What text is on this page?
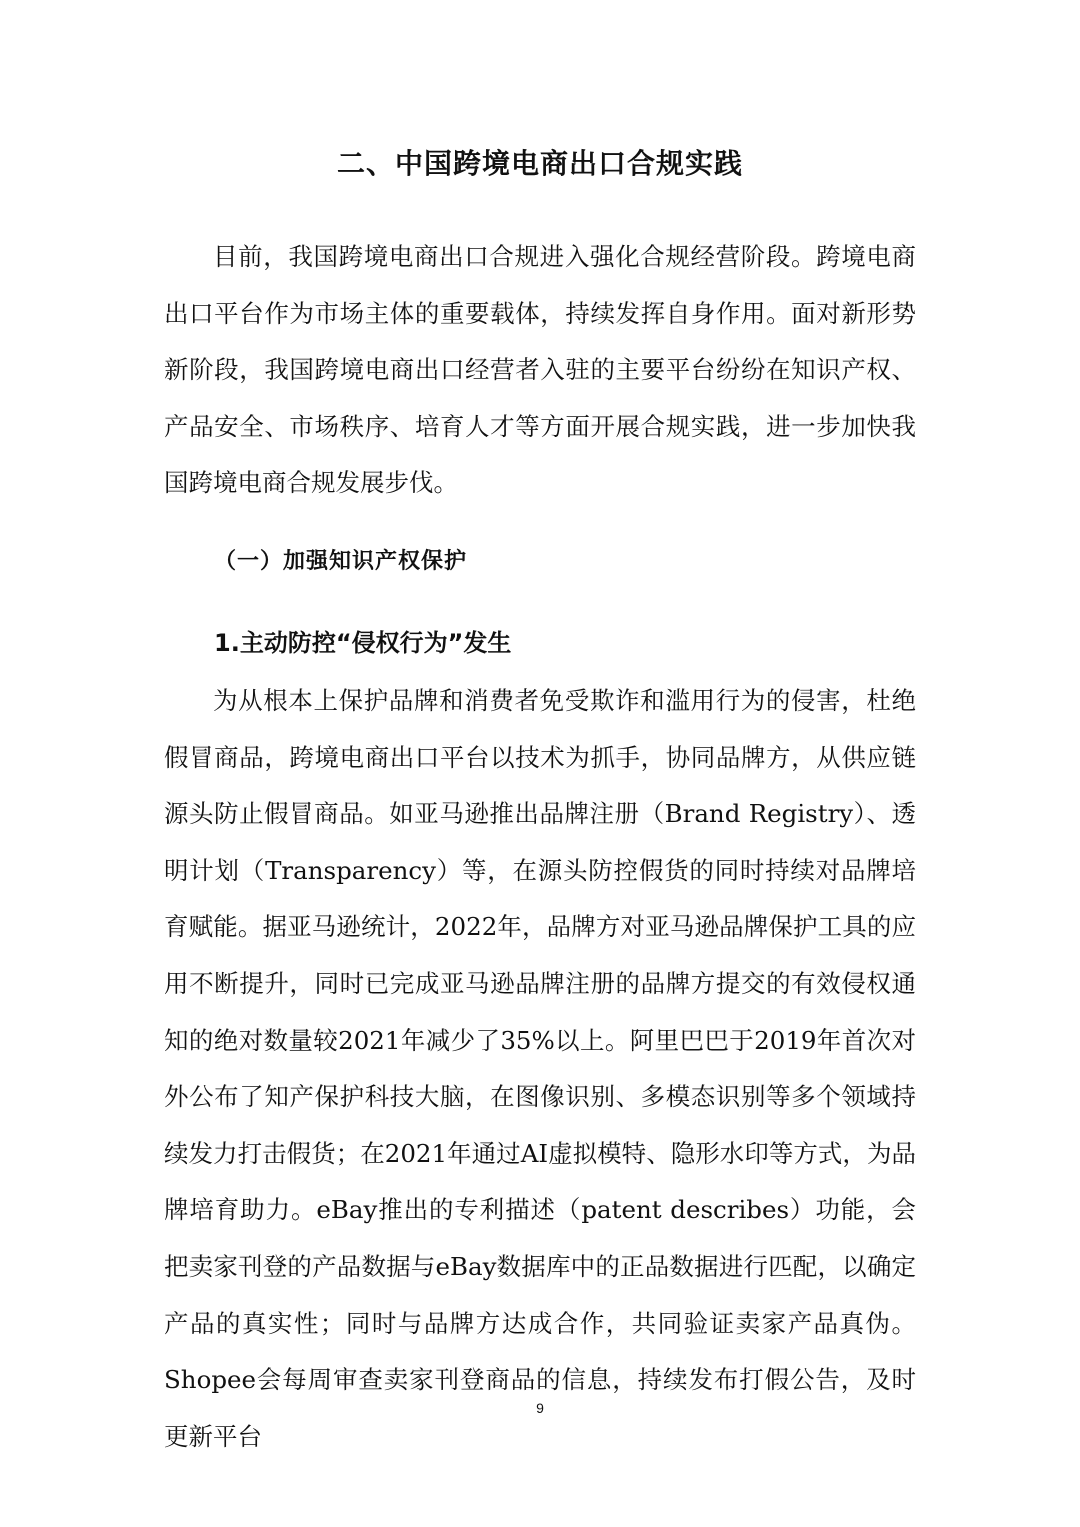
二、中国跨境电商出口合规实践

目前，我国跨境电商出口合规进入强化合规经营阶段。跨境电商出口平台作为市场主体的重要载体，持续发挥自身作用。面对新形势新阶段，我国跨境电商出口经营者入驻的主要平台纷纷在知识产权、产品安全、市场秩序、培育人才等方面开展合规实践，进一步加快我国跨境电商合规发展步伐。

（一）加强知识产权保护
1.主动防控“侵权行为”发生

为从根本上保护品牌和消费者免受欺诈和滥用行为的侵害，杜绝假冒商品，跨境电商出口平台以技术为抓手，协同品牌方，从供应链源头防止假冒商品。如亚马逊推出品牌注册（Brand Registry）、透明计划（Transparency）等，在源头防控假货的同时持续对品牌培育赋能。据亚马逊统计，2022年，品牌方对亚马逊品牌保护工具的应用不断提升，同时已完成亚马逊品牌注册的品牌方提交的有效侵权通知的绝对数量较2021年减少了35%以上。阿里巴巴于2019年首次对外公布了知产保护科技大脑，在图像识别、多模态识别等多个领域持续发力打击假货；在2021年通过AI虚拟模特、隐形水印等方式，为品牌培育助力。eBay推出的专利描述（patent describes）功能，会把卖家刊登的产品数据与eBay数据库中的正品数据进行匹配，以确定产品的真实性；同时与品牌方达成合作，共同验证卖家产品真伪。Shopee会每周审查卖家刊登商品的信息，持续发布打假公告，及时更新平台

9
